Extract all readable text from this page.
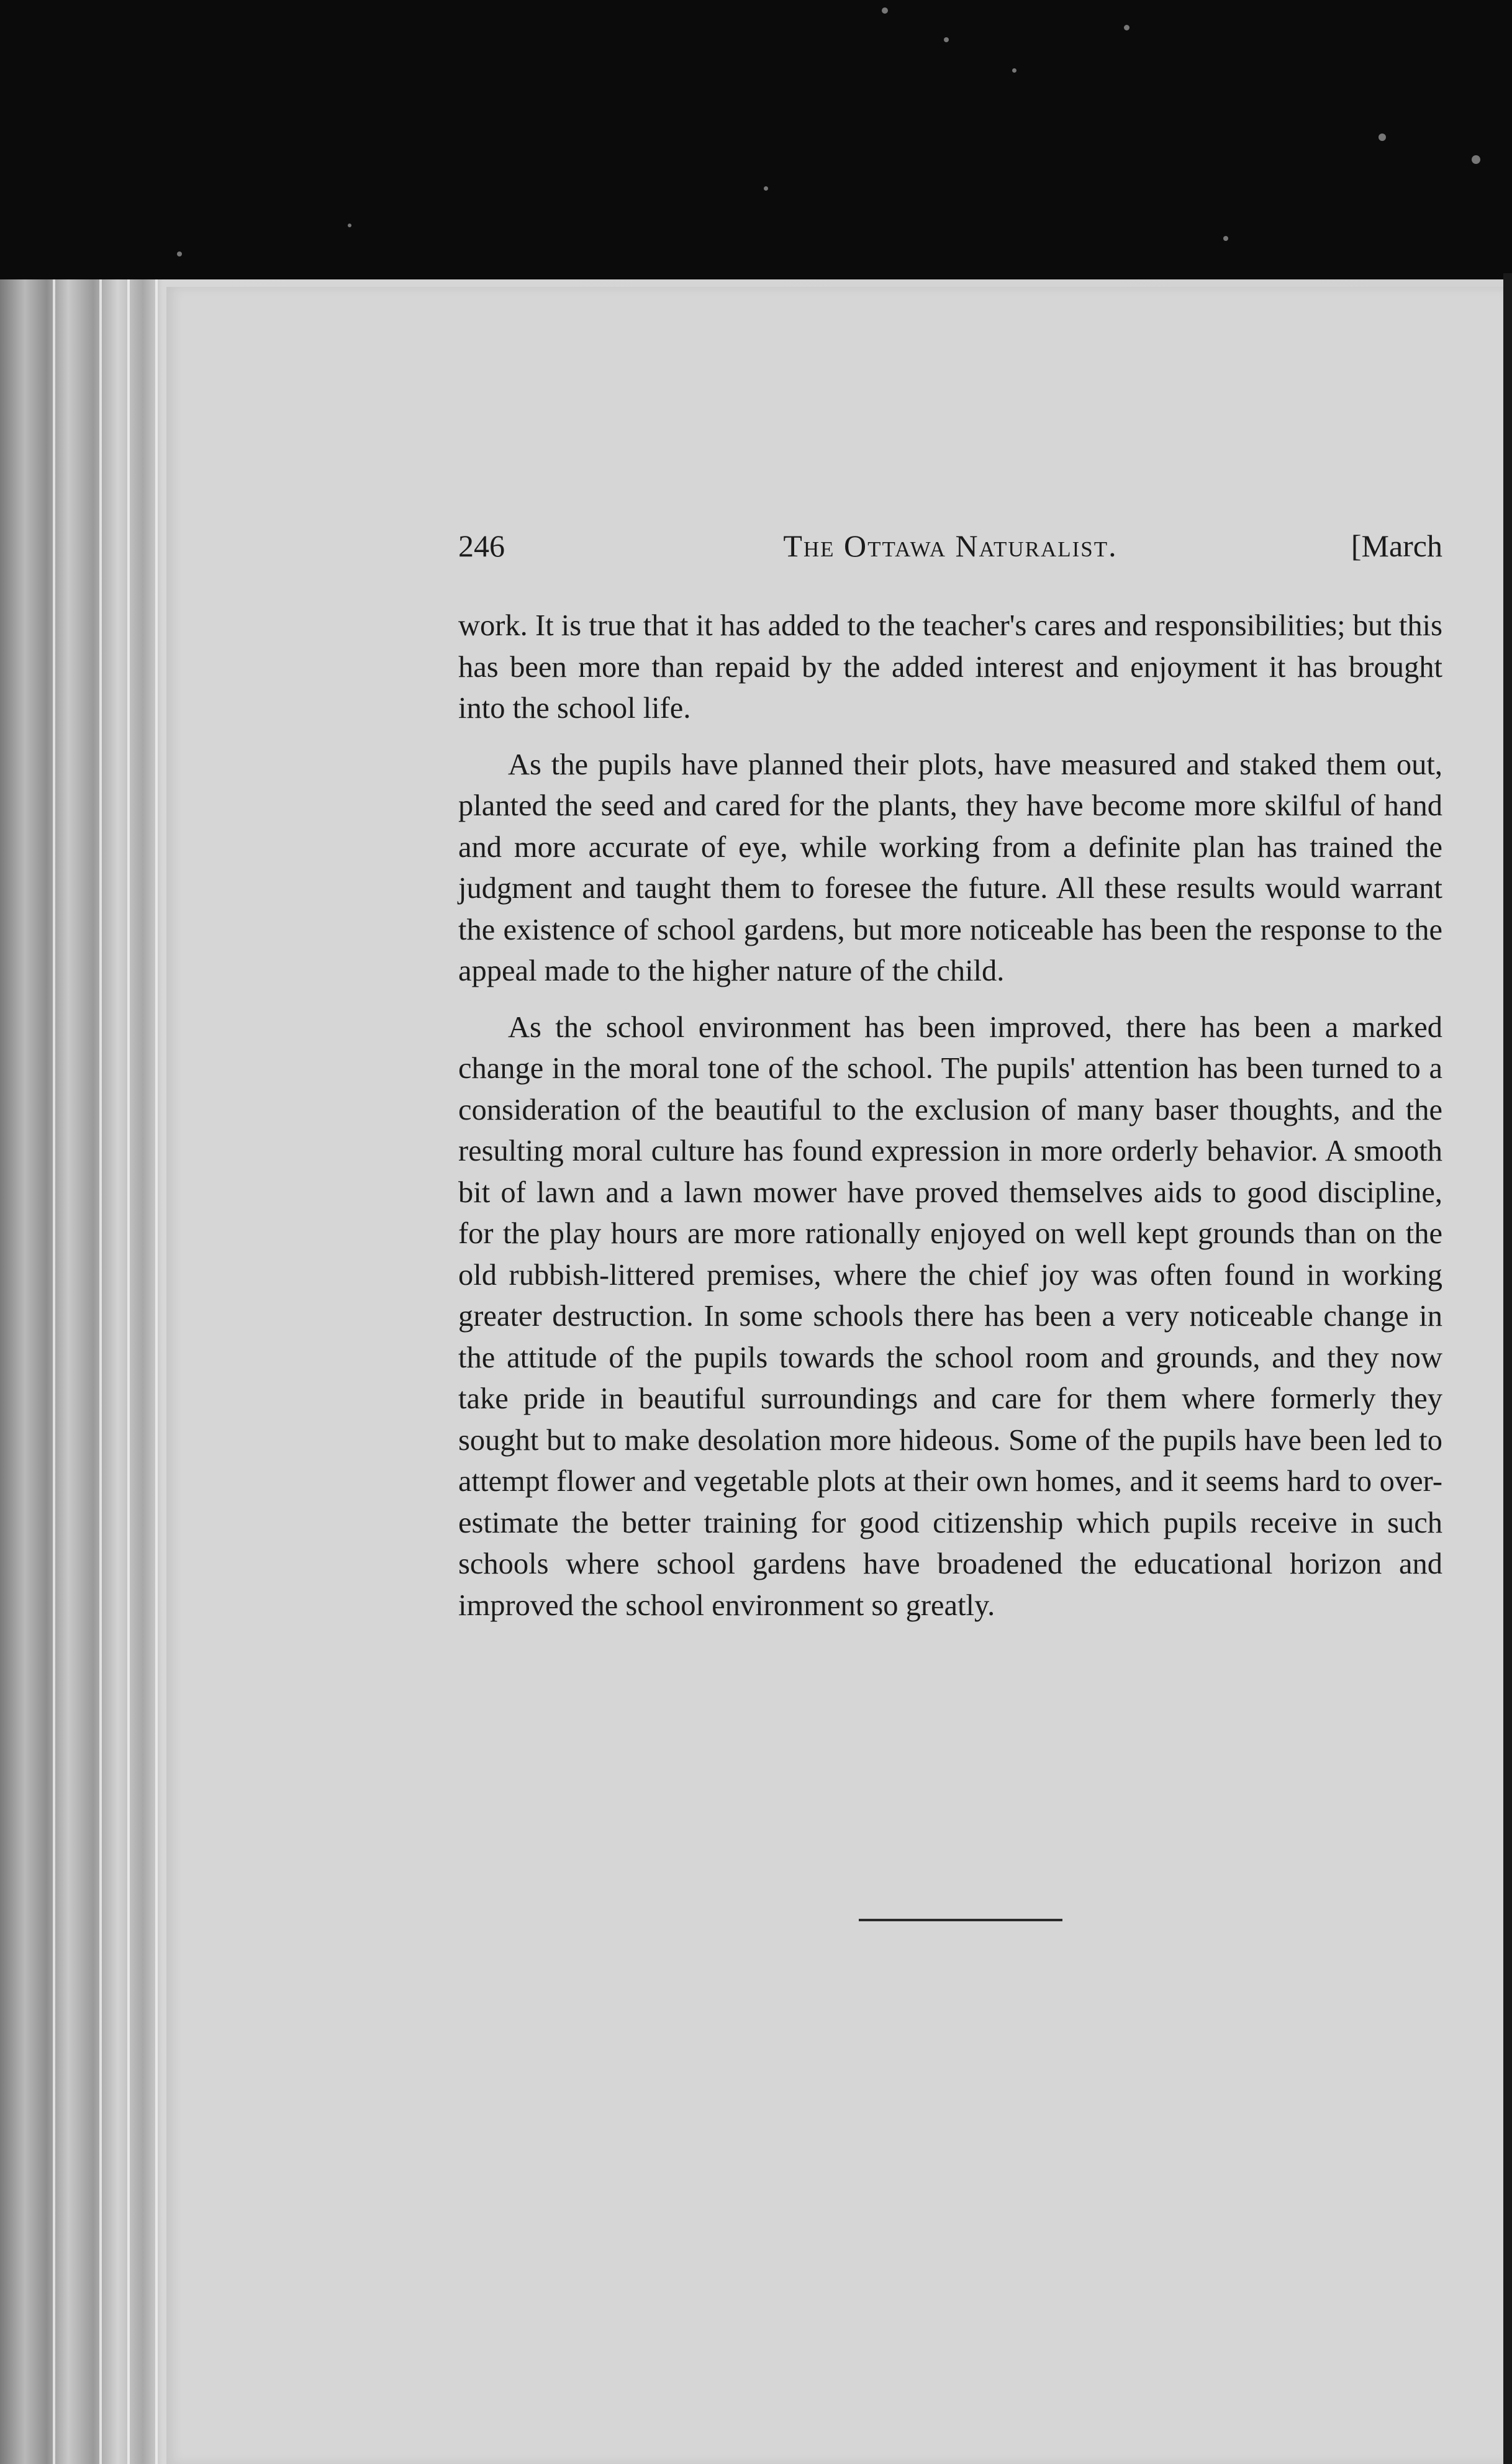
246	The Ottawa Naturalist.	[March

work. It is true that it has added to the teacher's cares and responsibilities; but this has been more than repaid by the added interest and enjoyment it has brought into the school life.

As the pupils have planned their plots, have measured and staked them out, planted the seed and cared for the plants, they have become more skilful of hand and more accurate of eye, while working from a definite plan has trained the judgment and taught them to foresee the future. All these results would warrant the existence of school gardens, but more noticeable has been the response to the appeal made to the higher nature of the child.

As the school environment has been improved, there has been a marked change in the moral tone of the school. The pupils' attention has been turned to a consideration of the beautiful to the exclusion of many baser thoughts, and the resulting moral culture has found expression in more orderly behavior. A smooth bit of lawn and a lawn mower have proved themselves aids to good discipline, for the play hours are more rationally enjoyed on well kept grounds than on the old rubbish-littered premises, where the chief joy was often found in working greater destruction. In some schools there has been a very noticeable change in the attitude of the pupils towards the school room and grounds, and they now take pride in beautiful surroundings and care for them where formerly they sought but to make desolation more hideous. Some of the pupils have been led to attempt flower and vegetable plots at their own homes, and it seems hard to over-estimate the better training for good citizenship which pupils receive in such schools where school gardens have broadened the educational horizon and improved the school environment so greatly.
